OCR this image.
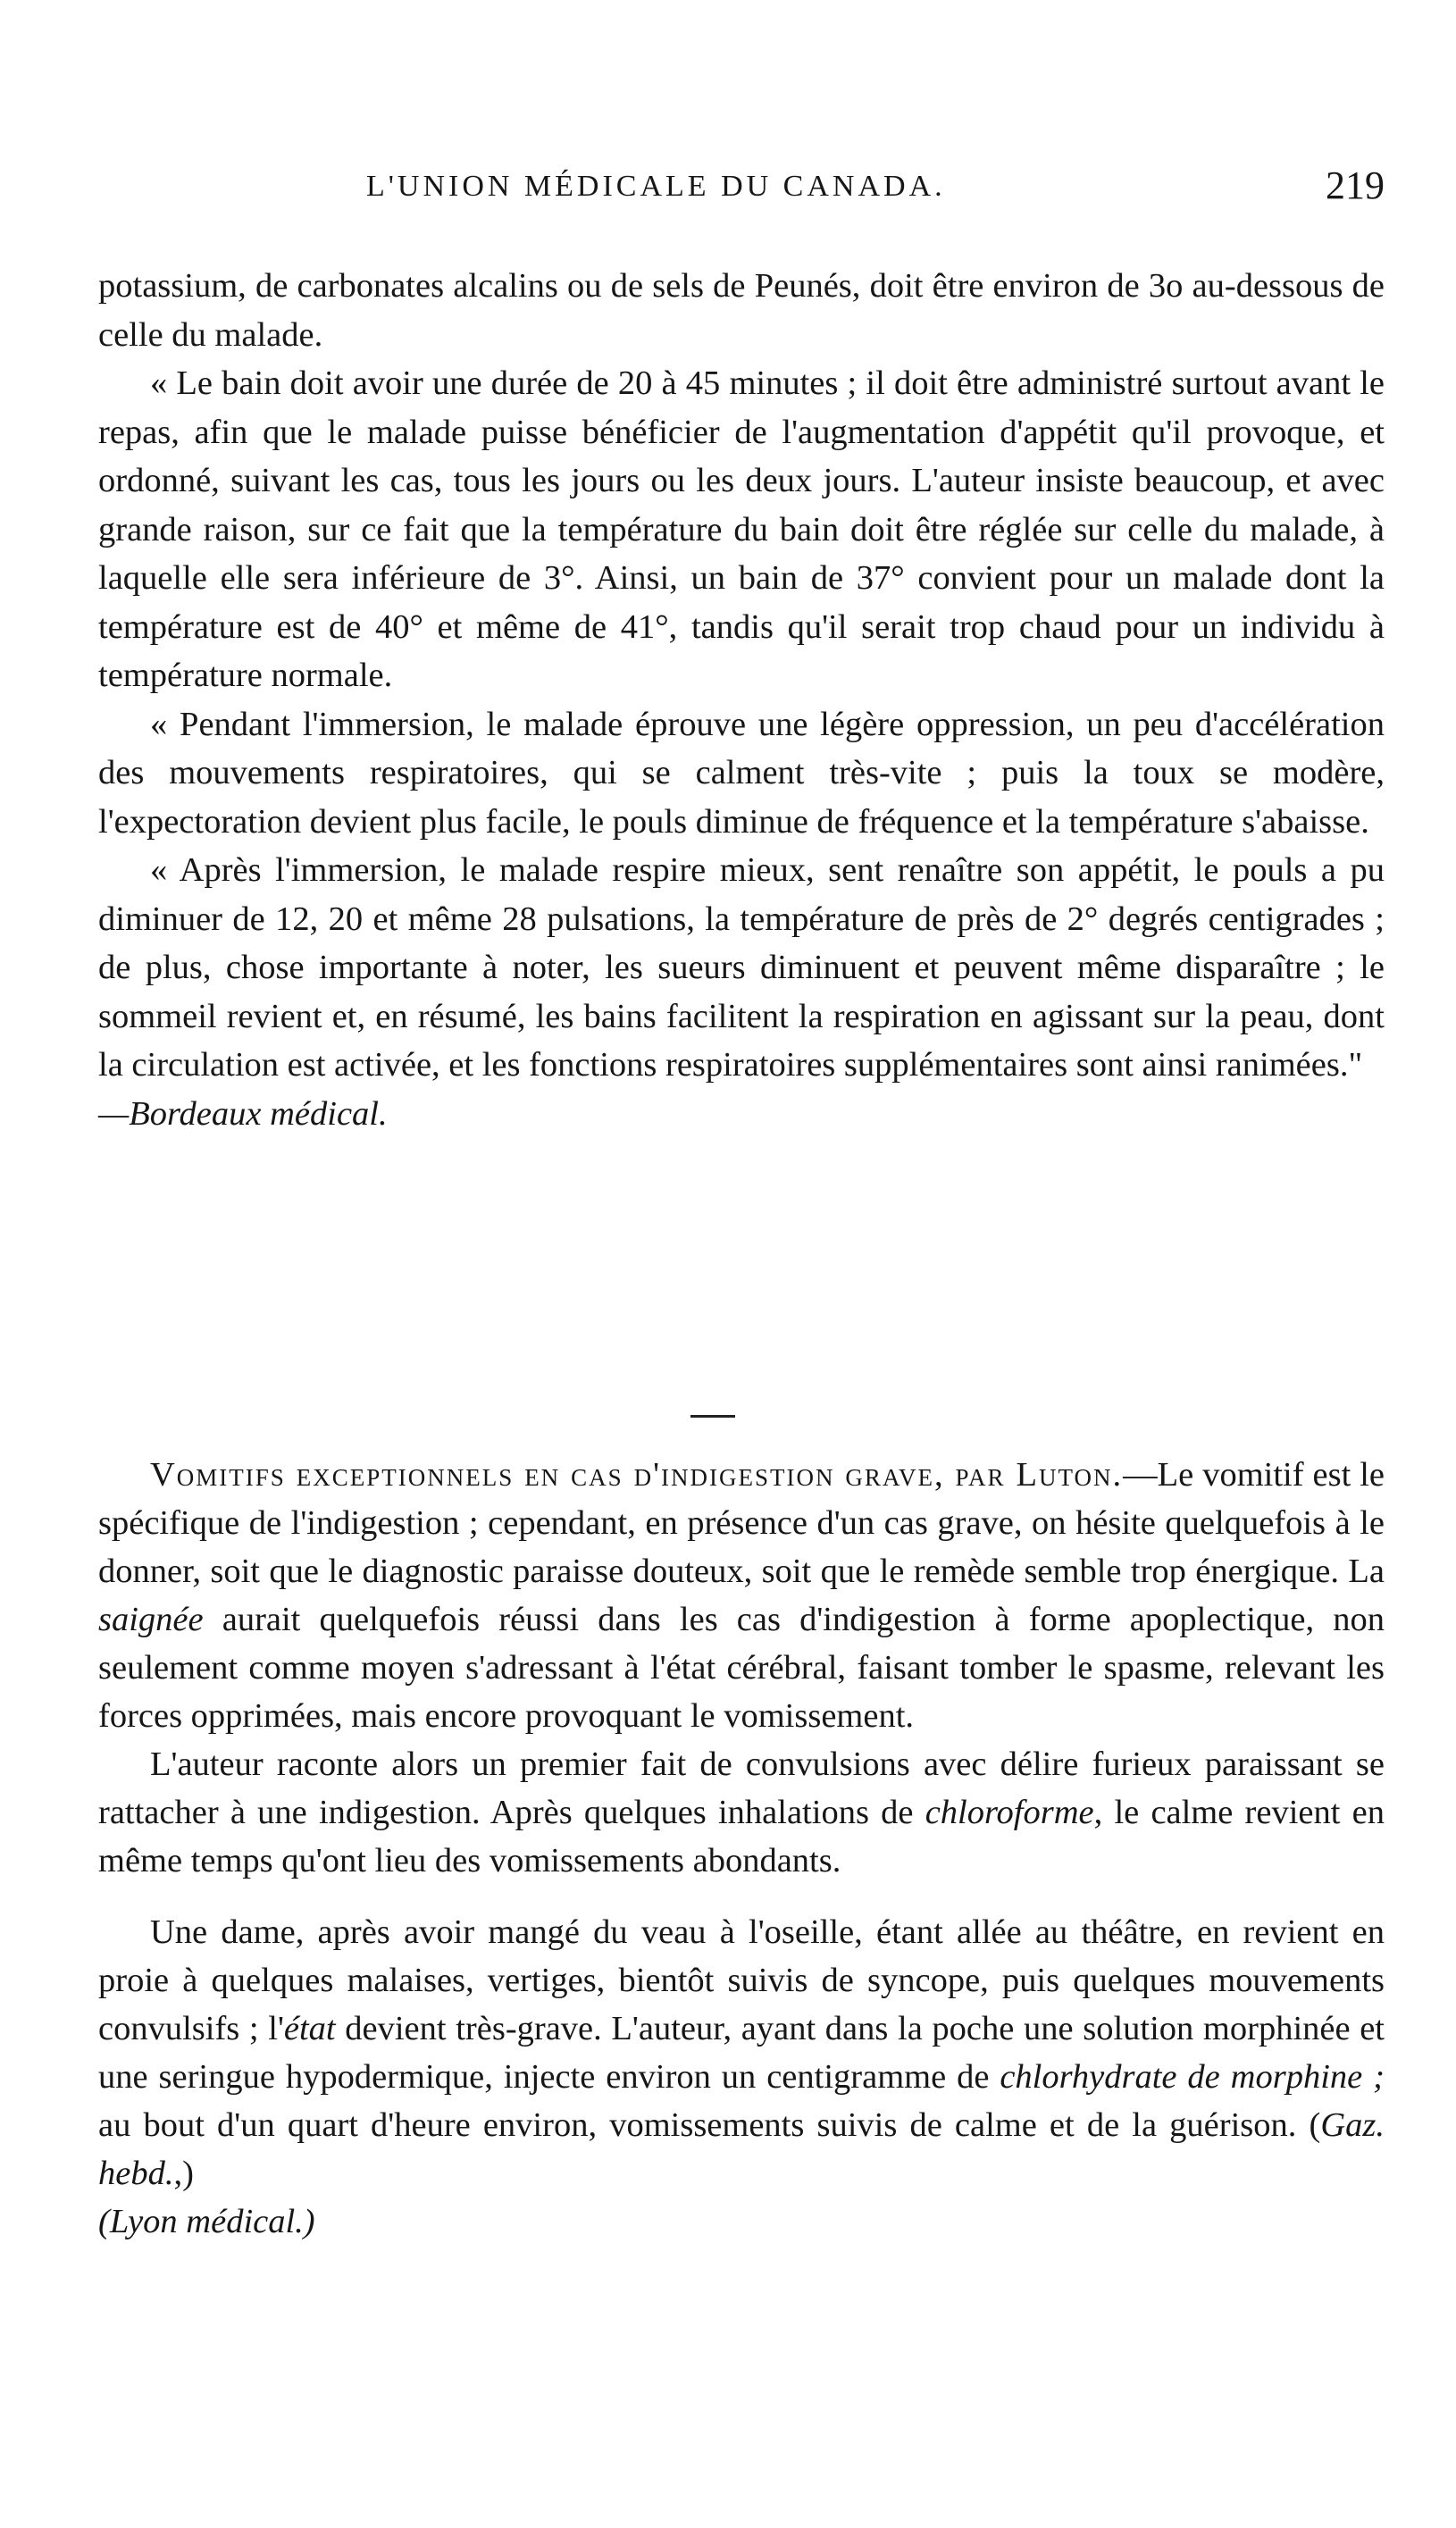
L'UNION MÉDICALE DU CANADA.	219

potassium, de carbonates alcalins ou de sels de Peunés, doit être environ de 3o au-dessous de celle du malade.

« Le bain doit avoir une durée de 20 à 45 minutes ; il doit être administré surtout avant le repas, afin que le malade puisse bénéficier de l'augmentation d'appétit qu'il provoque, et ordonné, suivant les cas, tous les jours ou les deux jours. L'auteur insiste beaucoup, et avec grande raison, sur ce fait que la température du bain doit être réglée sur celle du malade, à laquelle elle sera inférieure de 3°. Ainsi, un bain de 37° convient pour un malade dont la température est de 40° et même de 41°, tandis qu'il serait trop chaud pour un individu à température normale.

« Pendant l'immersion, le malade éprouve une légère oppression, un peu d'accélération des mouvements respiratoires, qui se calment très-vite ; puis la toux se modère, l'expectoration devient plus facile, le pouls diminue de fréquence et la température s'abaisse.

« Après l'immersion, le malade respire mieux, sent renaître son appétit, le pouls a pu diminuer de 12, 20 et même 28 pulsations, la température de près de 2° degrés centigrades ; de plus, chose importante à noter, les sueurs diminuent et peuvent même disparaître ; le sommeil revient et, en résumé, les bains facilitent la respiration en agissant sur la peau, dont la circulation est activée, et les fonctions respiratoires supplémentaires sont ainsi ranimées."

—Bordeaux médical.

Vomitifs exceptionnels en cas d'indigestion grave, par Luton.—Le vomitif est le spécifique de l'indigestion ; cependant, en présence d'un cas grave, on hésite quelquefois à le donner, soit que le diagnostic paraisse douteux, soit que le remède semble trop énergique. La saignée aurait quelquefois réussi dans les cas d'indigestion à forme apoplectique, non seulement comme moyen s'adressant à l'état cérébral, faisant tomber le spasme, relevant les forces opprimées, mais encore provoquant le vomissement.

L'auteur raconte alors un premier fait de convulsions avec délire furieux paraissant se rattacher à une indigestion. Après quelques inhalations de chloroforme, le calme revient en même temps qu'ont lieu des vomissements abondants.

Une dame, après avoir mangé du veau à l'oseille, étant allée au théâtre, en revient en proie à quelques malaises, vertiges, bientôt suivis de syncope, puis quelques mouvements convulsifs ; l'état devient très-grave. L'auteur, ayant dans la poche une solution morphinée et une seringue hypodermique, injecte environ un centigramme de chlorhydrate de morphine ; au bout d'un quart d'heure environ, vomissements suivis de calme et de la guérison. (Gaz. hebd.,)

(Lyon médical.)
